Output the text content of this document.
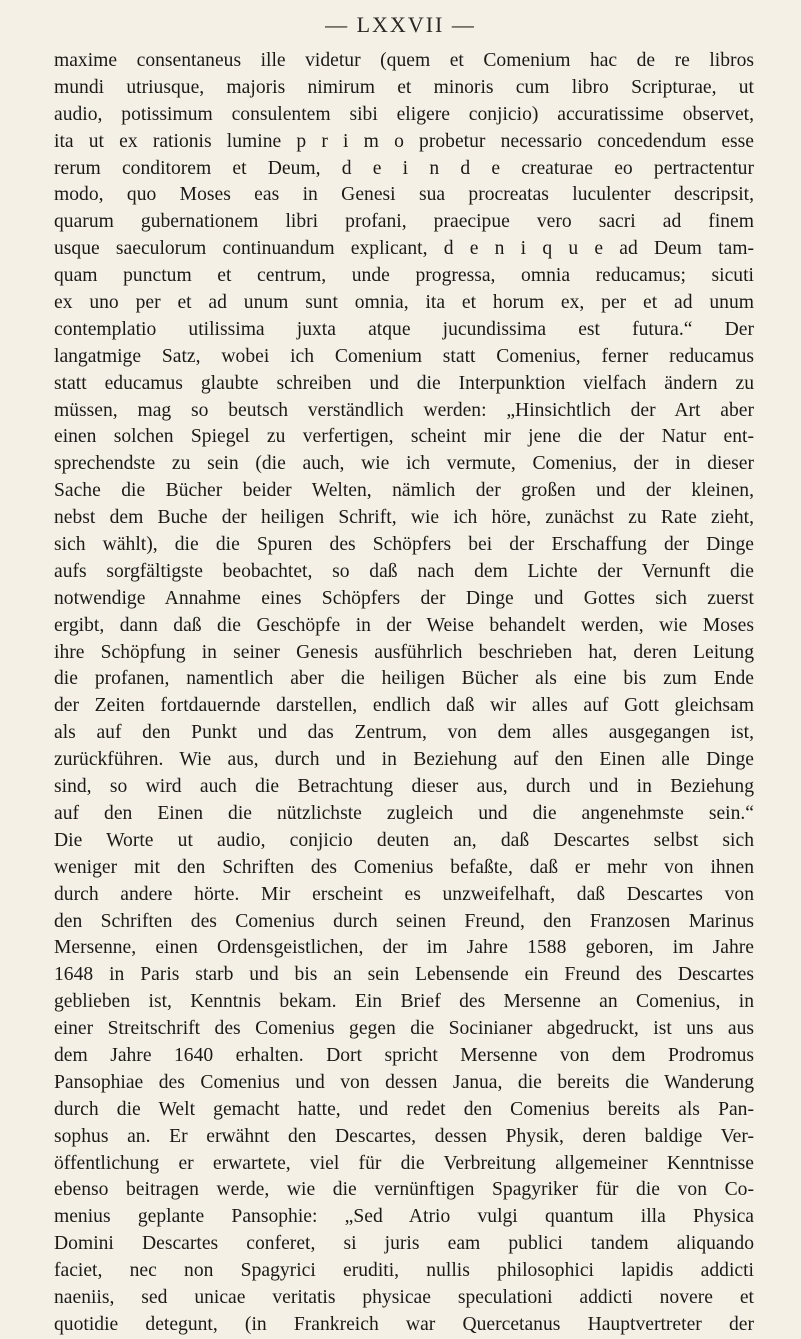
— LXXVII —
maxime consentaneus ille videtur (quem et Comenium hac de re libros
mundi utriusque, majoris nimirum et minoris cum libro Scripturae, ut
audio, potissimum consulentem sibi eligere conjicio) accuratissime observet,
ita ut ex rationis lumine p r i m o probetur necessario concedendum esse
rerum conditorem et Deum, d e i n d e creaturae eo pertractentur
modo, quo Moses eas in Genesi sua procreatas luculenter descripsit,
quarum gubernationem libri profani, praecipue vero sacri ad finem
usque saeculorum continuandum explicant, d e n i q u e ad Deum tam-
quam punctum et centrum, unde progressa, omnia reducamus; sicuti
ex uno per et ad unum sunt omnia, ita et horum ex, per et ad unum
contemplatio utilissima juxta atque jucundissima est futura.“ Der
langatmige Satz, wobei ich Comenium statt Comenius, ferner reducamus
statt educamus glaubte schreiben und die Interpunktion vielfach ändern zu
müssen, mag so beutsch verständlich werden: „Hinsichtlich der Art aber
einen solchen Spiegel zu verfertigen, scheint mir jene die der Natur ent-
sprechendste zu sein (die auch, wie ich vermute, Comenius, der in dieser
Sache die Bücher beider Welten, nämlich der großen und der kleinen,
nebst dem Buche der heiligen Schrift, wie ich höre, zunächst zu Rate zieht,
sich wählt), die die Spuren des Schöpfers bei der Erschaffung der Dinge
aufs sorgfältigste beobachtet, so daß nach dem Lichte der Vernunft die
notwendige Annahme eines Schöpfers der Dinge und Gottes sich zuerst
ergibt, dann daß die Geschöpfe in der Weise behandelt werden, wie Moses
ihre Schöpfung in seiner Genesis ausführlich beschrieben hat, deren Leitung
die profanen, namentlich aber die heiligen Bücher als eine bis zum Ende
der Zeiten fortdauernde darstellen, endlich daß wir alles auf Gott gleichsam
als auf den Punkt und das Zentrum, von dem alles ausgegangen ist,
zurückführen. Wie aus, durch und in Beziehung auf den Einen alle Dinge
sind, so wird auch die Betrachtung dieser aus, durch und in Beziehung
auf den Einen die nützlichste zugleich und die angenehmste sein.“
Die Worte ut audio, conjicio deuten an, daß Descartes selbst sich
weniger mit den Schriften des Comenius befaßte, daß er mehr von ihnen
durch andere hörte. Mir erscheint es unzweifelhaft, daß Descartes von
den Schriften des Comenius durch seinen Freund, den Franzosen Marinus
Mersenne, einen Ordensgeistlichen, der im Jahre 1588 geboren, im Jahre
1648 in Paris starb und bis an sein Lebensende ein Freund des Descartes
geblieben ist, Kenntnis bekam. Ein Brief des Mersenne an Comenius, in
einer Streitschrift des Comenius gegen die Socinianer abgedruckt, ist uns aus
dem Jahre 1640 erhalten. Dort spricht Mersenne von dem Prodromus
Pansophiae des Comenius und von dessen Janua, die bereits die Wanderung
durch die Welt gemacht hatte, und redet den Comenius bereits als Pan-
sophus an. Er erwähnt den Descartes, dessen Physik, deren baldige Ver-
öffentlichung er erwartete, viel für die Verbreitung allgemeiner Kenntnisse
ebenso beitragen werde, wie die vernünftigen Spagyriker für die von Co-
menius geplante Pansophie: „Sed Atrio vulgi quantum illa Physica
Domini Descartes conferet, si juris eam publici tandem aliquando
faciet, nec non Spagyrici eruditi, nullis philosophici lapidis addicti
naeniis, sed unicae veritatis physicae speculationi addicti novere et
quotidie detegunt, (in Frankreich war Quercetanus Hauptvertreter der
